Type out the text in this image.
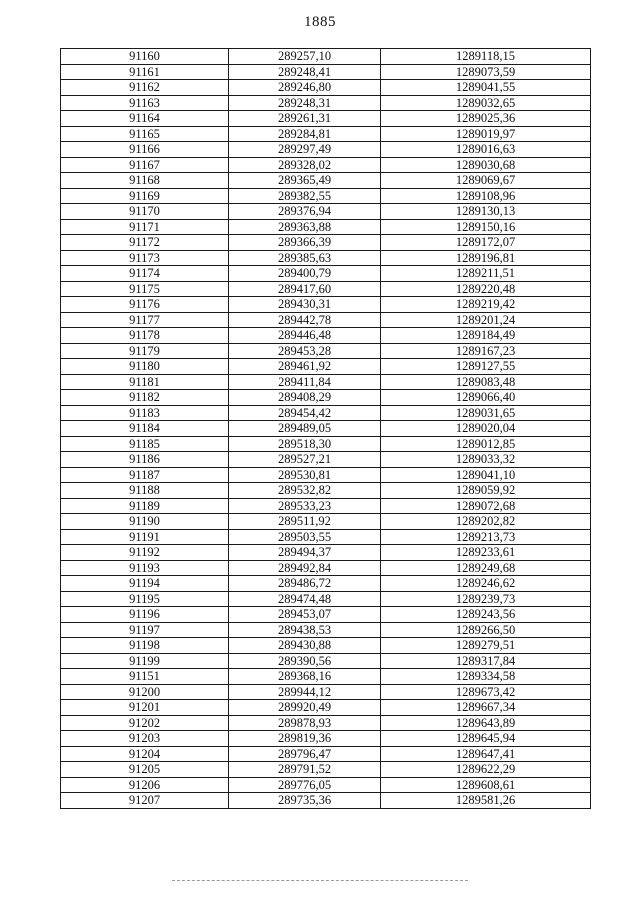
1885
91160	289257,10	1289118,15
91161	289248,41	1289073,59
91162	289246,80	1289041,55
91163	289248,31	1289032,65
91164	289261,31	1289025,36
91165	289284,81	1289019,97
91166	289297,49	1289016,63
91167	289328,02	1289030,68
91168	289365,49	1289069,67
91169	289382,55	1289108,96
91170	289376,94	1289130,13
91171	289363,88	1289150,16
91172	289366,39	1289172,07
91173	289385,63	1289196,81
91174	289400,79	1289211,51
91175	289417,60	1289220,48
91176	289430,31	1289219,42
91177	289442,78	1289201,24
91178	289446,48	1289184,49
91179	289453,28	1289167,23
91180	289461,92	1289127,55
91181	289411,84	1289083,48
91182	289408,29	1289066,40
91183	289454,42	1289031,65
91184	289489,05	1289020,04
91185	289518,30	1289012,85
91186	289527,21	1289033,32
91187	289530,81	1289041,10
91188	289532,82	1289059,92
91189	289533,23	1289072,68
91190	289511,92	1289202,82
91191	289503,55	1289213,73
91192	289494,37	1289233,61
91193	289492,84	1289249,68
91194	289486,72	1289246,62
91195	289474,48	1289239,73
91196	289453,07	1289243,56
91197	289438,53	1289266,50
91198	289430,88	1289279,51
91199	289390,56	1289317,84
91151	289368,16	1289334,58
91200	289944,12	1289673,42
91201	289920,49	1289667,34
91202	289878,93	1289643,89
91203	289819,36	1289645,94
91204	289796,47	1289647,41
91205	289791,52	1289622,29
91206	289776,05	1289608,61
91207	289735,36	1289581,26
